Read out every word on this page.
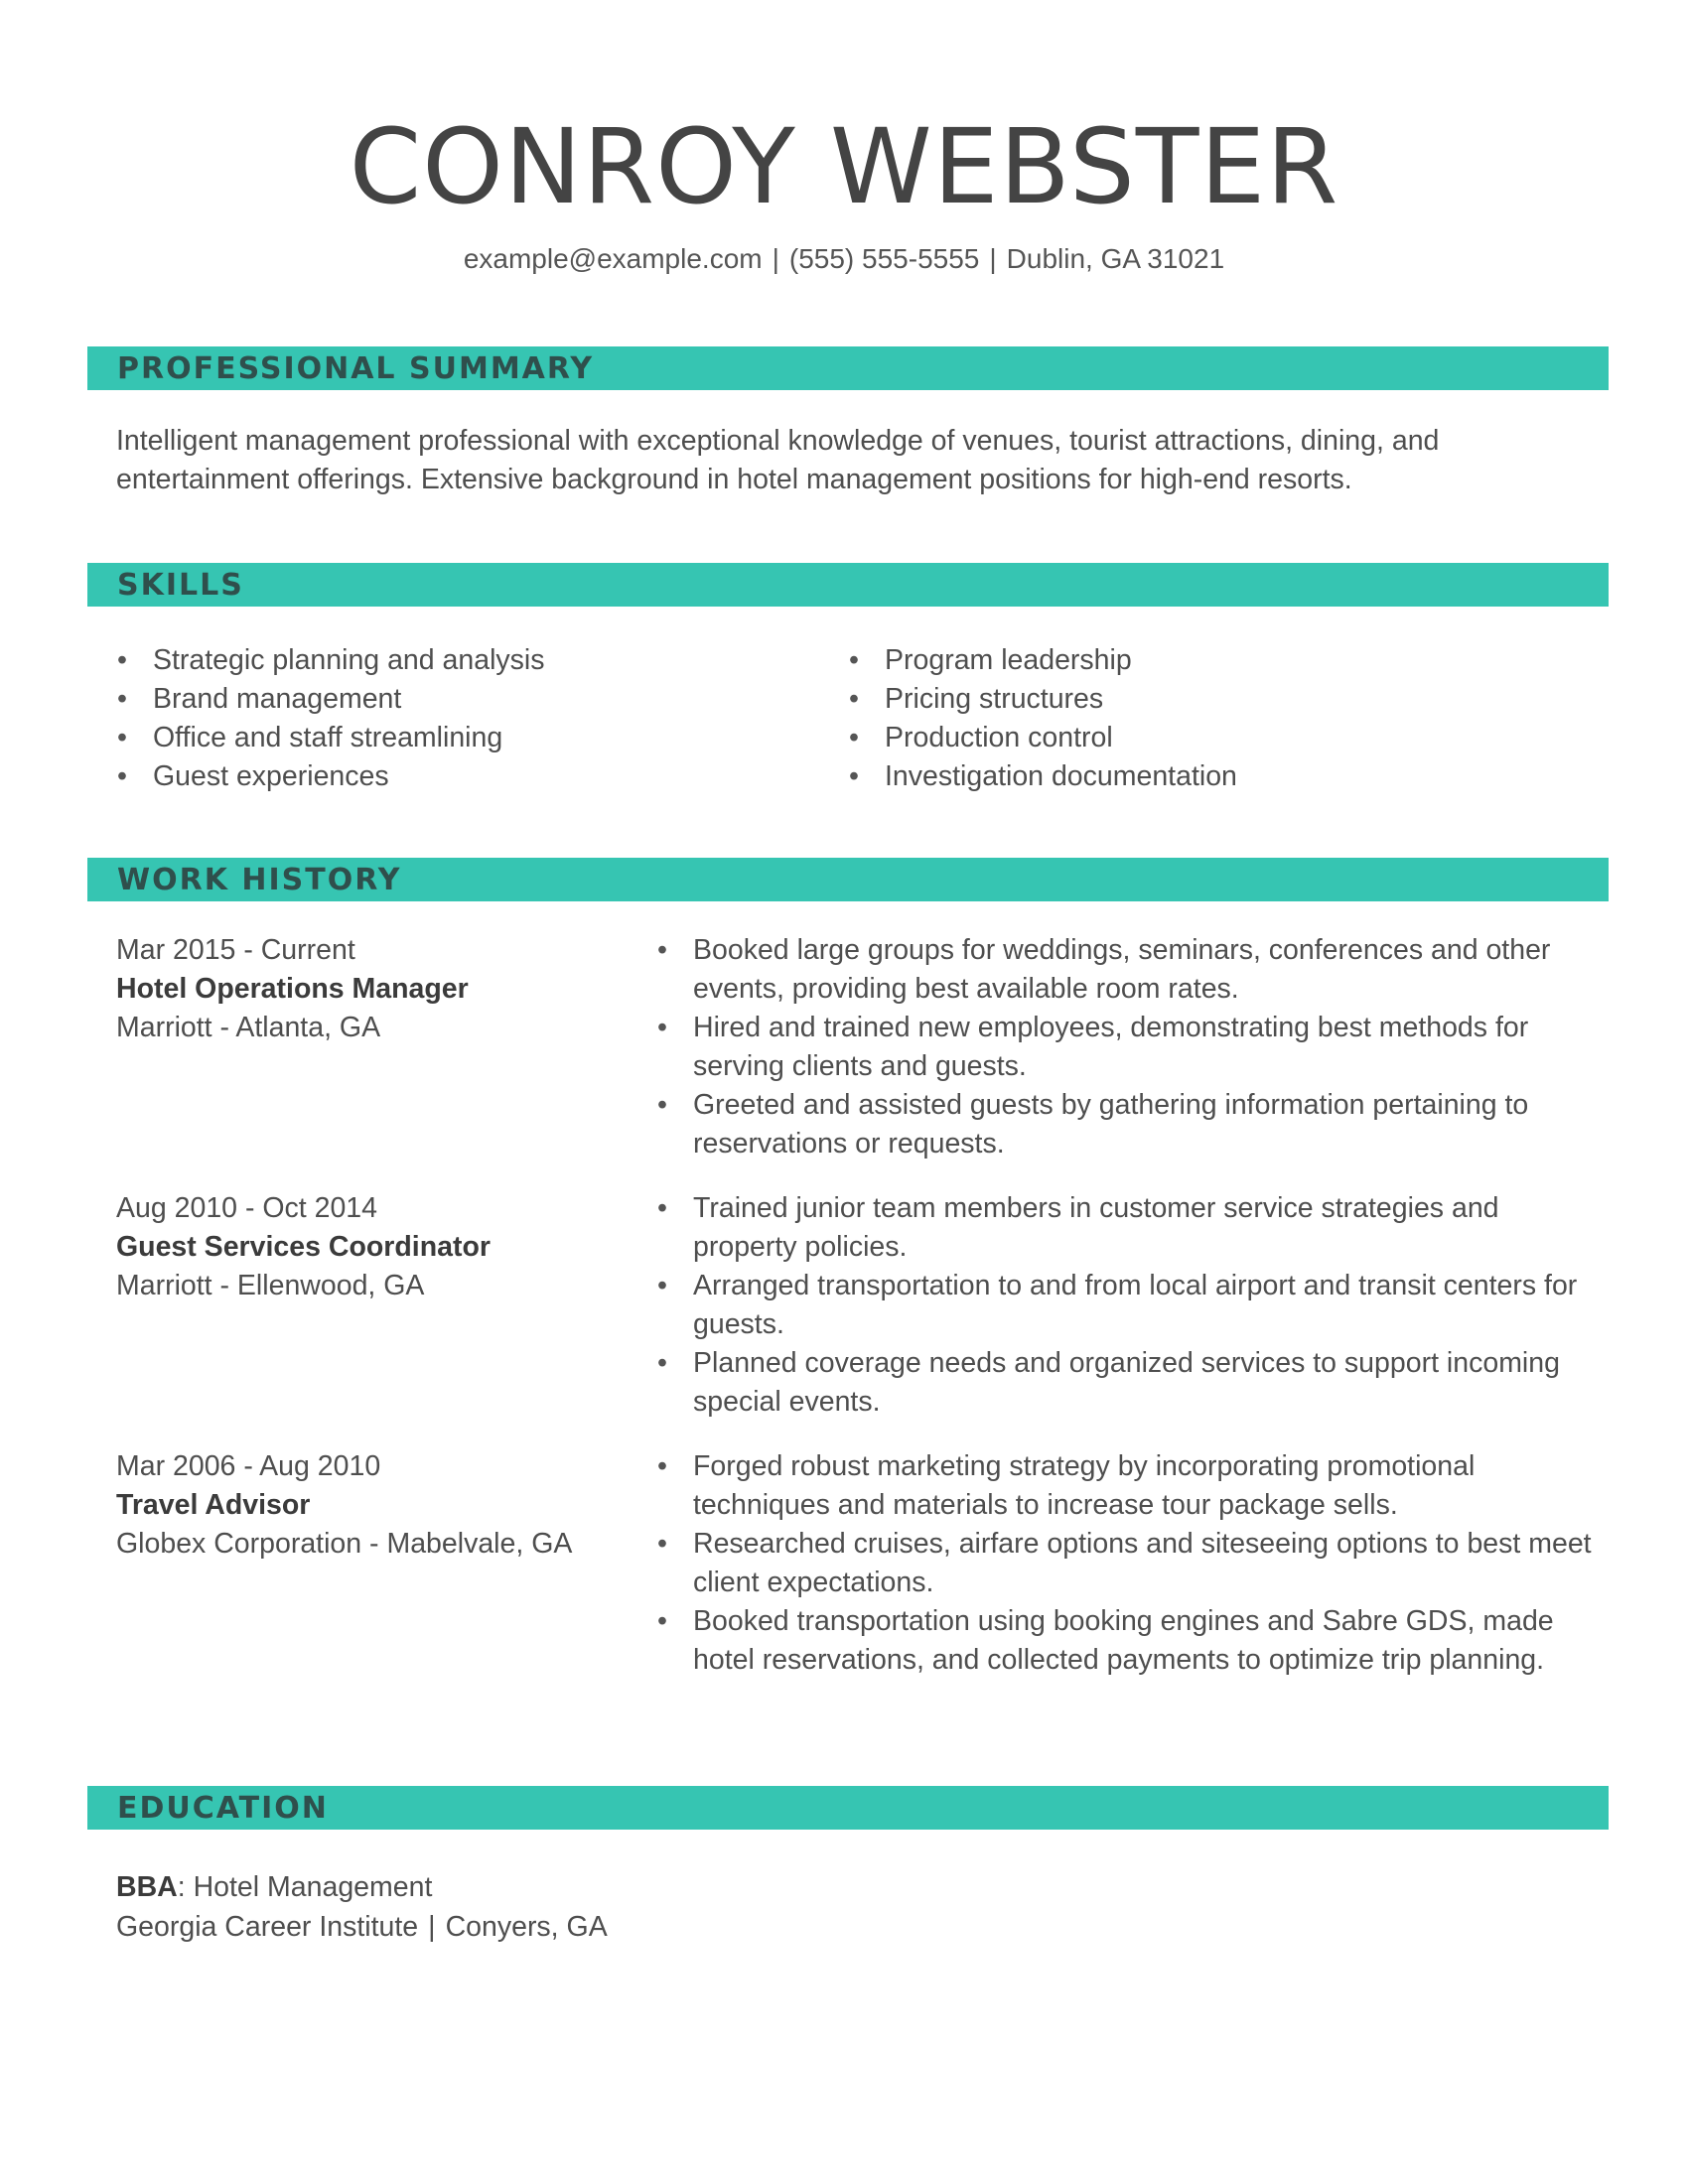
CONROY WEBSTER
example@example.com | (555) 555-5555 | Dublin, GA 31021
PROFESSIONAL SUMMARY

Intelligent management professional with exceptional knowledge of venues, tourist attractions, dining, and

entertainment offerings. Extensive background in hotel management positions for high-end resorts.

SKILLS
• Strategic planning and analysis
• Brand management
• Office and staff streamlining
• Guest experiences
• Program leadership
• Pricing structures
• Production control
• Investigation documentation
WORK HISTORY
Mar 2015 - Current
Hotel Operations Manager
Marriott - Atlanta, GA
• Booked large groups for weddings, seminars, conferences and other events, providing best available room rates.
• Hired and trained new employees, demonstrating best methods for serving clients and guests.
• Greeted and assisted guests by gathering information pertaining to reservations or requests.
Aug 2010 - Oct 2014
Guest Services Coordinator
Marriott - Ellenwood, GA
• Trained junior team members in customer service strategies and property policies.
• Arranged transportation to and from local airport and transit centers for guests.
• Planned coverage needs and organized services to support incoming special events.
Mar 2006 - Aug 2010
Travel Advisor
Globex Corporation - Mabelvale, GA
• Forged robust marketing strategy by incorporating promotional techniques and materials to increase tour package sells.
• Researched cruises, airfare options and siteseeing options to best meet client expectations.
• Booked transportation using booking engines and Sabre GDS, made hotel reservations, and collected payments to optimize trip planning.
EDUCATION
BBA: Hotel Management
Georgia Career Institute | Conyers, GA
